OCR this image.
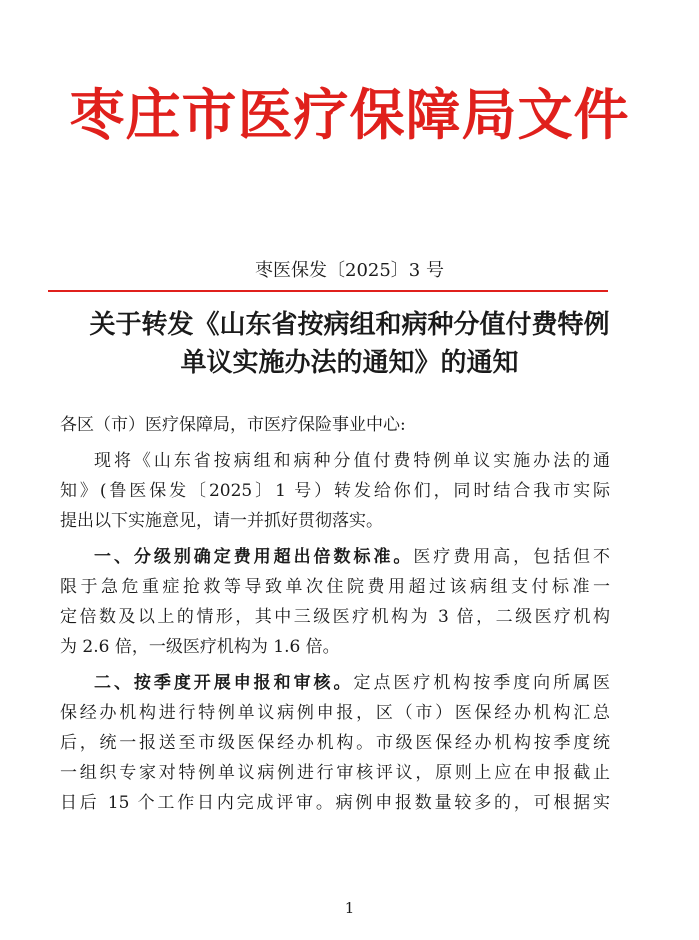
枣庄市医疗保障局文件
枣医保发〔2025〕3 号
关于转发《山东省按病组和病种分值付费特例
单议实施办法的通知》的通知
各区（市）医疗保障局，市医疗保险事业中心:
现将《山东省按病组和病种分值付费特例单议实施办法的通
知》(鲁医保发〔2025〕1 号）转发给你们，同时结合我市实际
提出以下实施意见，请一并抓好贯彻落实。
一、分级别确定费用超出倍数标准。医疗费用高，包括但不
限于急危重症抢救等导致单次住院费用超过该病组支付标准一
定倍数及以上的情形，其中三级医疗机构为 3 倍，二级医疗机构
为 2.6 倍，一级医疗机构为 1.6 倍。
二、按季度开展申报和审核。定点医疗机构按季度向所属医
保经办机构进行特例单议病例申报，区（市）医保经办机构汇总
后，统一报送至市级医保经办机构。市级医保经办机构按季度统
一组织专家对特例单议病例进行审核评议，原则上应在申报截止
日后 15 个工作日内完成评审。病例申报数量较多的，可根据实
1
